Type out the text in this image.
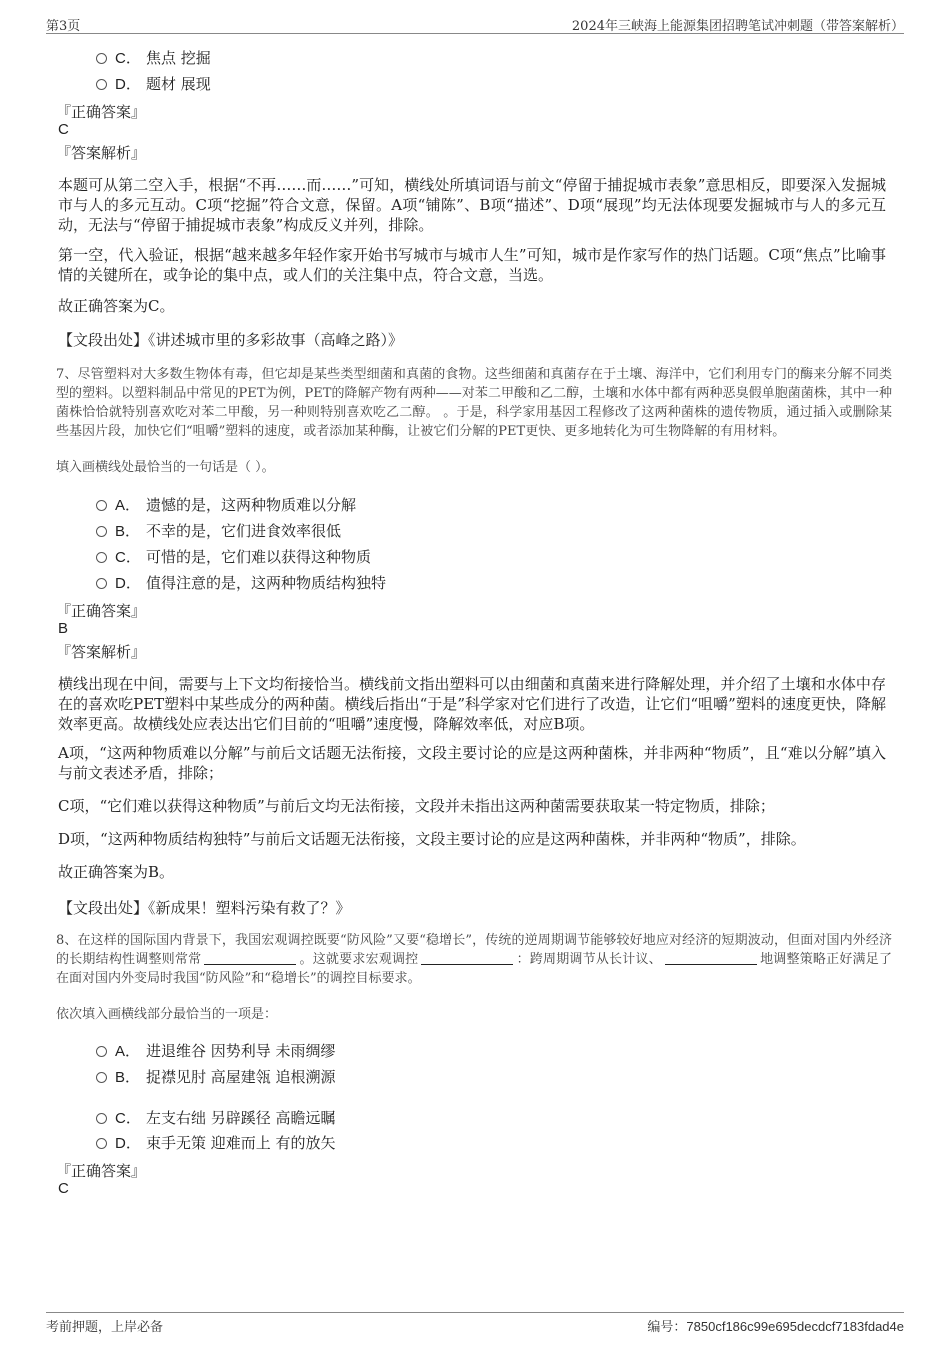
第3页	2024年三峡海上能源集团招聘笔试冲刺题（带答案解析）
C． 焦点 挖掘
D． 题材 展现
『正确答案』
C
『答案解析』
本题可从第二空入手，根据“不再……而……”可知，横线处所填词语与前文“停留于捕捉城市表象”意思相反，即要深入发掘城市与人的多元互动。C项“挖掘”符合文意，保留。A项“铺陈”、B项“描述”、D项“展现”均无法体现要发掘城市与人的多元互动，无法与“停留于捕捉城市表象”构成反义并列，排除。
第一空，代入验证，根据“越来越多年轻作家开始书写城市与城市人生”可知，城市是作家写作的热门话题。C项“焦点”比喻事情的关键所在，或争论的集中点，或人们的关注集中点，符合文意，当选。
故正确答案为C。
【文段出处】《讲述城市里的多彩故事（高峰之路）》
7、尽管塑料对大多数生物体有毒，但它却是某些类型细菌和真菌的食物。这些细菌和真菌存在于土壤、海洋中，它们利用专门的酶来分解不同类型的塑料。以塑料制品中常见的PET为例，PET的降解产物有两种——对苯二甲酸和乙二醇，土壤和水体中都有两种恶臭假单胞菌菌株，其中一种菌株恰恰就特别喜欢吃对苯二甲酸，另一种则特别喜欢吃乙二醇。 。于是，科学家用基因工程修改了这两种菌株的遗传物质，通过插入或删除某些基因片段，加快它们“咀嚼”塑料的速度，或者添加某种酶，让被它们分解的PET更快、更多地转化为可生物降解的有用材料。
填入画横线处最恰当的一句话是（ ）。
A． 遗憾的是，这两种物质难以分解
B． 不幸的是，它们进食效率很低
C． 可惜的是，它们难以获得这种物质
D． 值得注意的是，这两种物质结构独特
『正确答案』
B
『答案解析』
横线出现在中间，需要与上下文均衔接恰当。横线前文指出塑料可以由细菌和真菌来进行降解处理，并介绍了土壤和水体中存在的喜欢吃PET塑料中某些成分的两种菌。横线后指出“于是”科学家对它们进行了改造，让它们“咀嚼”塑料的速度更快，降解效率更高。故横线处应表达出它们目前的“咀嚼”速度慢，降解效率低，对应B项。
A项，“这两种物质难以分解”与前后文话题无法衔接，文段主要讨论的应是这两种菌株，并非两种“物质”，且“难以分解”填入与前文表述矛盾，排除；
C项，“它们难以获得这种物质”与前后文均无法衔接，文段并未指出这两种菌需要获取某一特定物质，排除；
D项，“这两种物质结构独特”与前后文话题无法衔接，文段主要讨论的应是这两种菌株，并非两种“物质”，排除。
故正确答案为B。
【文段出处】《新成果！塑料污染有救了？》
8、在这样的国际国内背景下，我国宏观调控既要“防风险”又要“稳增长”，传统的逆周期调节能够较好地应对经济的短期波动，但面对国内外经济的长期结构性调整则常常	。这就要求宏观调控	：跨周期调节从长计议、	地调整策略正好满足了在面对国内外变局时我国“防风险”和“稳增长”的调控目标要求。
依次填入画横线部分最恰当的一项是：
A． 进退维谷 因势利导 未雨绸缪
B． 捉襟见肘 高屋建瓴 追根溯源
C． 左支右绌 另辟蹊径 高瞻远瞩
D． 束手无策 迎难而上 有的放矢
『正确答案』
C
考前押题，上岸必备	编号：7850cf186c99e695decdcf7183fdad4e
